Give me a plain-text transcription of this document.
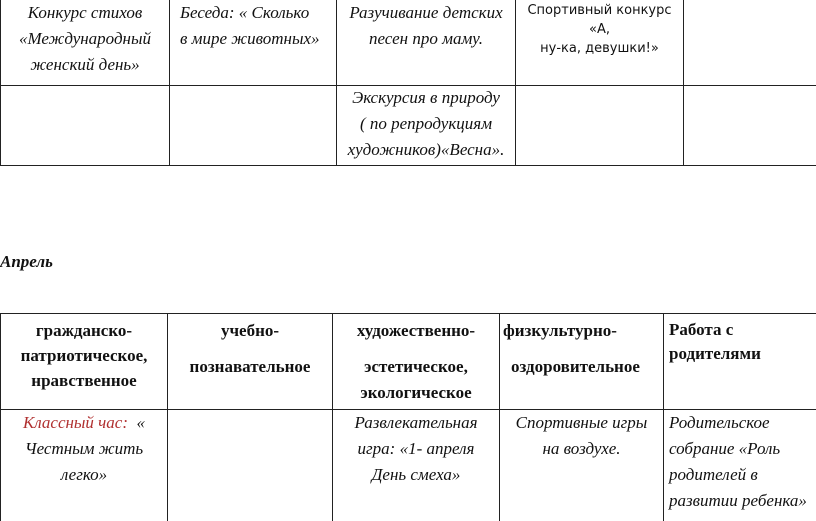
Конкурс стихов
«Международный
женский день»
Беседа: « Сколько
в мире животных»
Разучивание детских
песен про маму.
Спортивный конкурс «А,
ну-ка, девушки!»
Экскурсия в природу
( по репродукциям
художников)«Весна».
Апрель
гражданско-
патриотическое,
нравственное
учебно-
познавательное
художественно-
эстетическое,
экологическое
физкультурно-
оздоровительное
Работа с
родителями
Классный час:  «
Честным жить
легко»
Развлекательная
игра: «1- апреля
День смеха»
Спортивные игры
на воздухе.
Родительское
собрание «Роль
родителей в
развитии ребенка»
